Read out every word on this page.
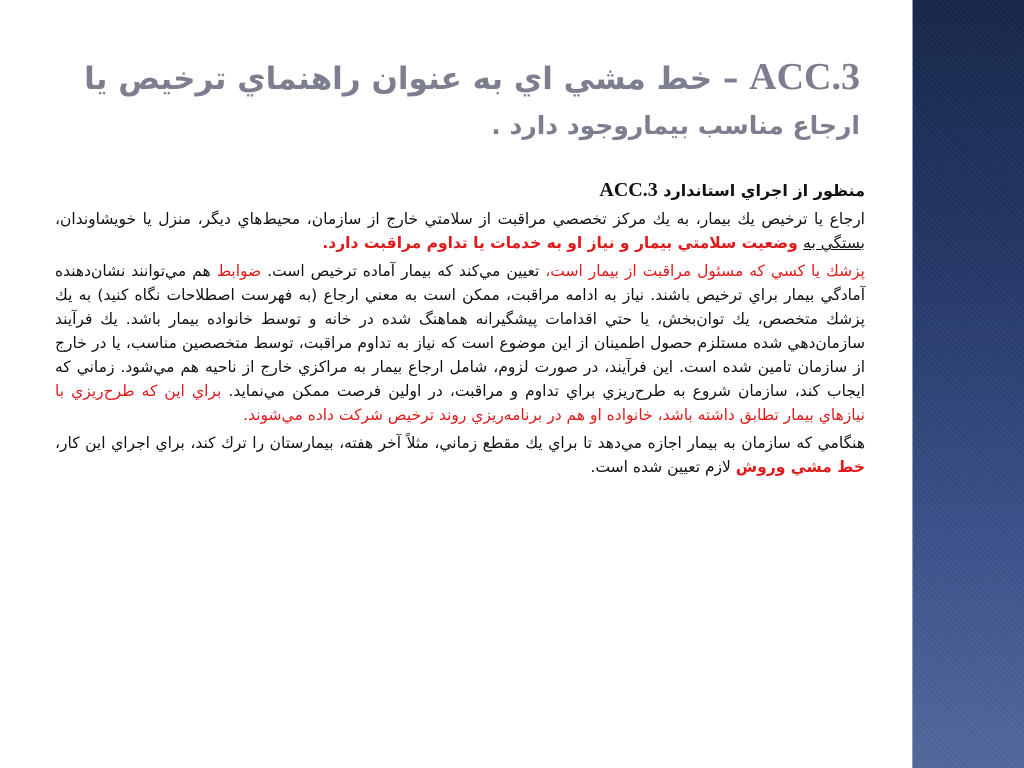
ACC.3 – خط مشي اي به عنوان راهنماي ترخيص يا
ارجاع مناسب بيماروجود دارد .

منظور از اجراي استاندارد ACC.3

ارجاع يا ترخيص يك بيمار، به يك مركز تخصصي مراقبت از سلامتي خارج از سازمان، محيط‌هاي ديگر، منزل يا خويشاوندان، بستگي به وضعيت سلامتي بيمار و نياز او به خدمات يا تداوم مراقبت دارد.

پزشك يا كسي كه مسئول مراقبت از بيمار است، تعيين مي‌كند كه بيمار آماده ترخيص است. ضوابط هم مي‌توانند نشان‌دهنده آمادگي بيمار براي ترخيص باشند. نياز به ادامه مراقبت، ممكن است به معني ارجاع (به فهرست اصطلاحات نگاه كنيد) به يك پزشك متخصص، يك توان‌بخش، يا حتي اقدامات پيشگيرانه هماهنگ شده در خانه و توسط خانواده بيمار باشد. يك فرآيند سازمان‌دهي شده مستلزم حصول اطمينان از اين موضوع است كه نياز به تداوم مراقبت، توسط متخصصين مناسب، يا در خارج از سازمان تامين شده است. اين فرآيند، در صورت لزوم، شامل ارجاع بيمار به مراكزي خارج از ناحيه هم مي‌شود. زماني كه ايجاب كند، سازمان شروع به طرح‌ريزي براي تداوم و مراقبت، در اولين فرصت ممكن مي‌نمايد. براي اين كه طرح‌ريزي با نيازهاي بيمار تطابق داشته باشد، خانواده او هم در برنامه‌ريزي روند ترخيص شركت داده مي‌شوند.

هنگامي كه سازمان به بيمار اجازه مي‌دهد تا براي يك مقطع زماني، مثلاً آخر هفته، بيمارستان را ترك كند، براي اجراي اين كار، خط مشي وروش لازم تعيين شده است.
